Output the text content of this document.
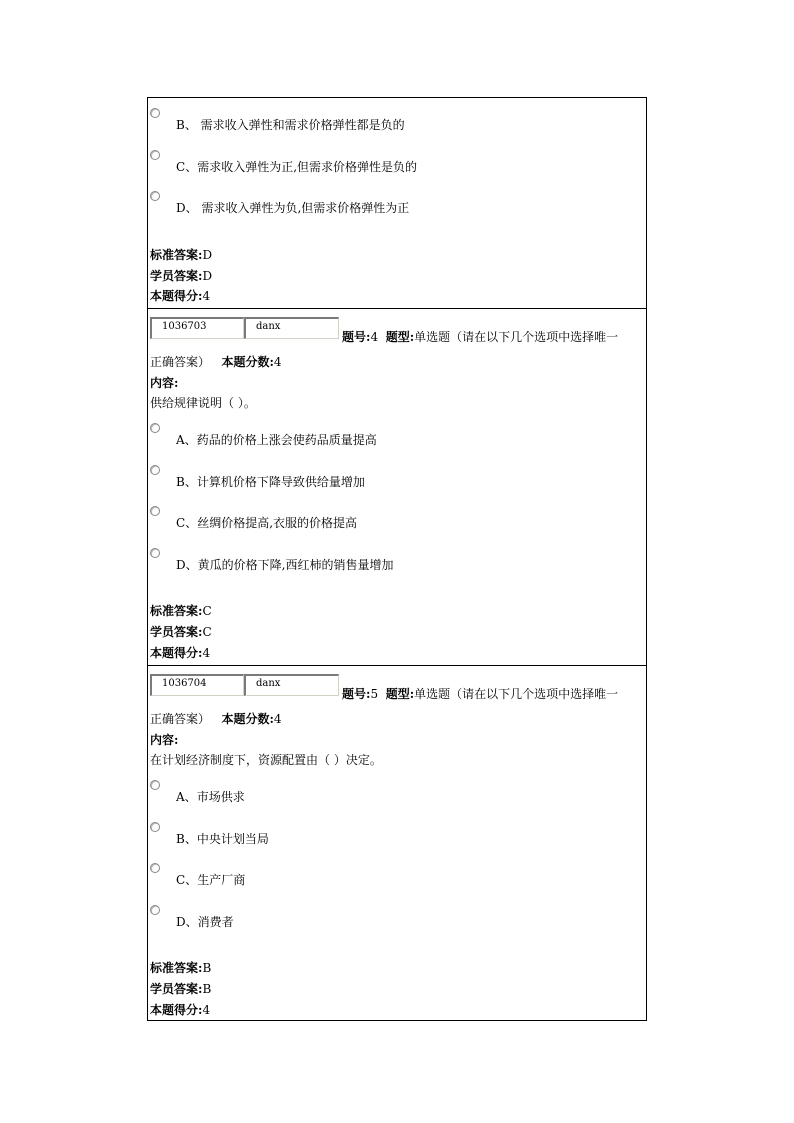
B、 需求收入弹性和需求价格弹性都是负的
C、需求收入弹性为正,但需求价格弹性是负的
D、 需求收入弹性为负,但需求价格弹性为正
标准答案:D
学员答案:D
本题得分:4
1036703	danx
题号:4 题型:单选题（请在以下几个选项中选择唯一
正确答案） 本题分数:4
内容:
供给规律说明（ ）。
A、药品的价格上涨会使药品质量提高
B、计算机价格下降导致供给量增加
C、丝绸价格提高,衣服的价格提高
D、黄瓜的价格下降,西红柿的销售量增加
标准答案:C
学员答案:C
本题得分:4
1036704	danx
题号:5 题型:单选题（请在以下几个选项中选择唯一
正确答案） 本题分数:4
内容:
在计划经济制度下，资源配置由（ ）决定。
A、市场供求
B、中央计划当局
C、生产厂商
D、消费者
标准答案:B
学员答案:B
本题得分:4
